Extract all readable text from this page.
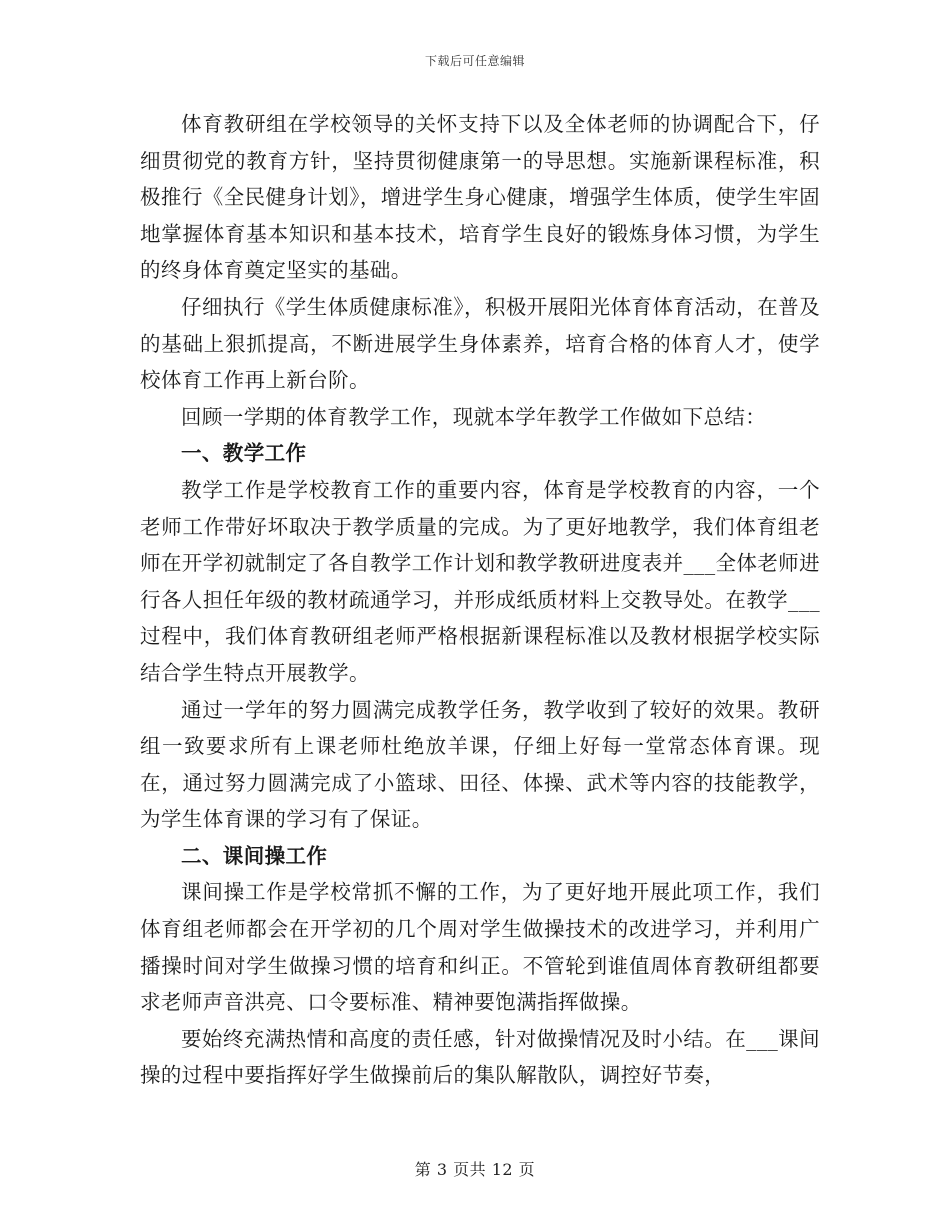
下载后可任意编辑

体育教研组在学校领导的关怀支持下以及全体老师的协调配合下，仔细贯彻党的教育方针，坚持贯彻健康第一的导思想。实施新课程标准，积极推行《全民健身计划》，增进学生身心健康，增强学生体质，使学生牢固地掌握体育基本知识和基本技术，培育学生良好的锻炼身体习惯，为学生的终身体育奠定坚实的基础。

仔细执行《学生体质健康标准》，积极开展阳光体育体育活动，在普及的基础上狠抓提高，不断进展学生身体素养，培育合格的体育人才，使学校体育工作再上新台阶。

回顾一学期的体育教学工作，现就本学年教学工作做如下总结：

一、教学工作

教学工作是学校教育工作的重要内容，体育是学校教育的内容，一个老师工作带好坏取决于教学质量的完成。为了更好地教学，我们体育组老师在开学初就制定了各自教学工作计划和教学教研进度表并___全体老师进行各人担任年级的教材疏通学习，并形成纸质材料上交教导处。在教学___过程中，我们体育教研组老师严格根据新课程标准以及教材根据学校实际结合学生特点开展教学。

通过一学年的努力圆满完成教学任务，教学收到了较好的效果。教研组一致要求所有上课老师杜绝放羊课，仔细上好每一堂常态体育课。现在，通过努力圆满完成了小篮球、田径、体操、武术等内容的技能教学，为学生体育课的学习有了保证。

二、课间操工作

课间操工作是学校常抓不懈的工作，为了更好地开展此项工作，我们体育组老师都会在开学初的几个周对学生做操技术的改进学习，并利用广播操时间对学生做操习惯的培育和纠正。不管轮到谁值周体育教研组都要求老师声音洪亮、口令要标准、精神要饱满指挥做操。

要始终充满热情和高度的责任感，针对做操情况及时小结。在___课间操的过程中要指挥好学生做操前后的集队解散队，调控好节奏，

第 3 页共 12 页
